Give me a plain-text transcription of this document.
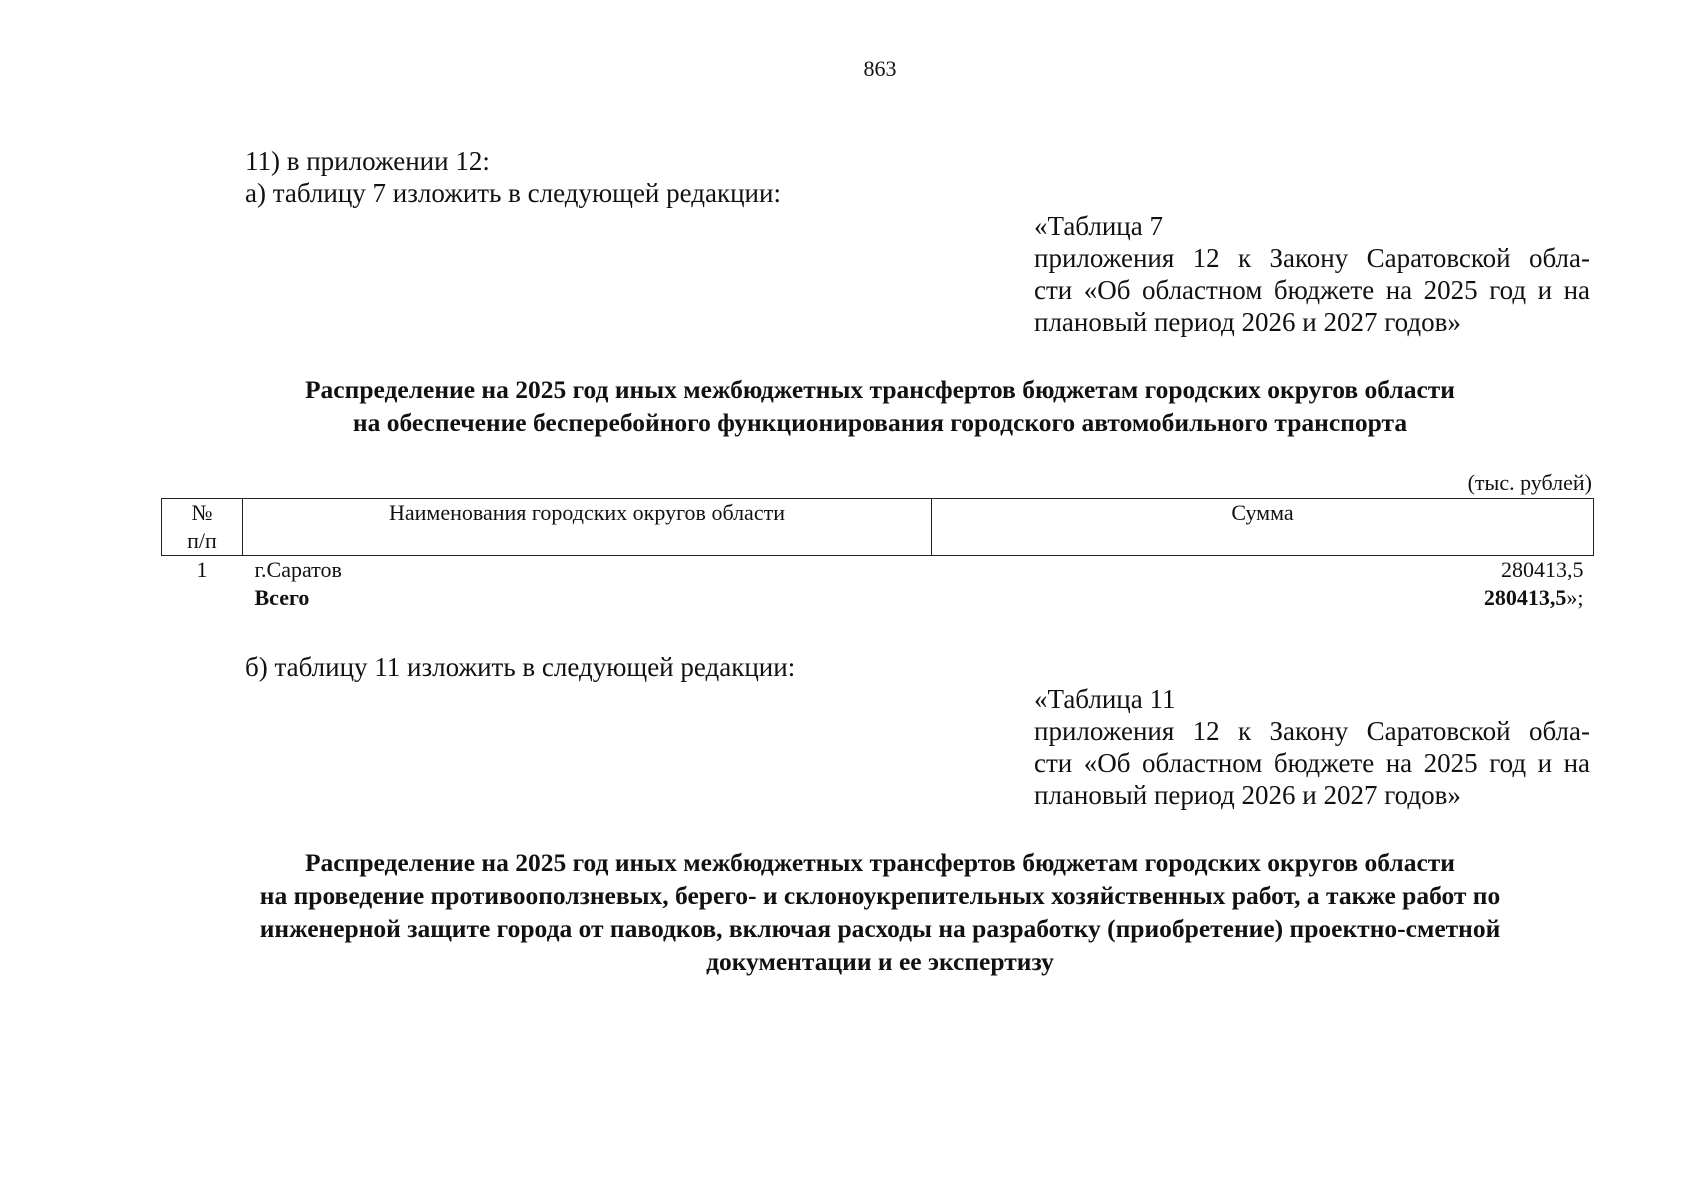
863
11) в приложении 12:
а) таблицу 7 изложить в следующей редакции:
«Таблица 7
приложения 12 к Закону Саратовской обла-
сти «Об областном бюджете на 2025 год и на
плановый период 2026 и 2027 годов»
Распределение на 2025 год иных межбюджетных трансфертов бюджетам городских округов области
на обеспечение бесперебойного функционирования городского автомобильного транспорта
(тыс. рублей)
№
п/п	Наименования городских округов области	Сумма
1	г.Саратов	280413,5
	Всего	280413,5»;
б) таблицу 11 изложить в следующей редакции:
«Таблица 11
приложения 12 к Закону Саратовской обла-
сти «Об областном бюджете на 2025 год и на
плановый период 2026 и 2027 годов»
Распределение на 2025 год иных межбюджетных трансфертов бюджетам городских округов области
на проведение противооползневых, берего- и склоноукрепительных хозяйственных работ, а также работ по
инженерной защите города от паводков, включая расходы на разработку (приобретение) проектно-сметной
документации и ее экспертизу
